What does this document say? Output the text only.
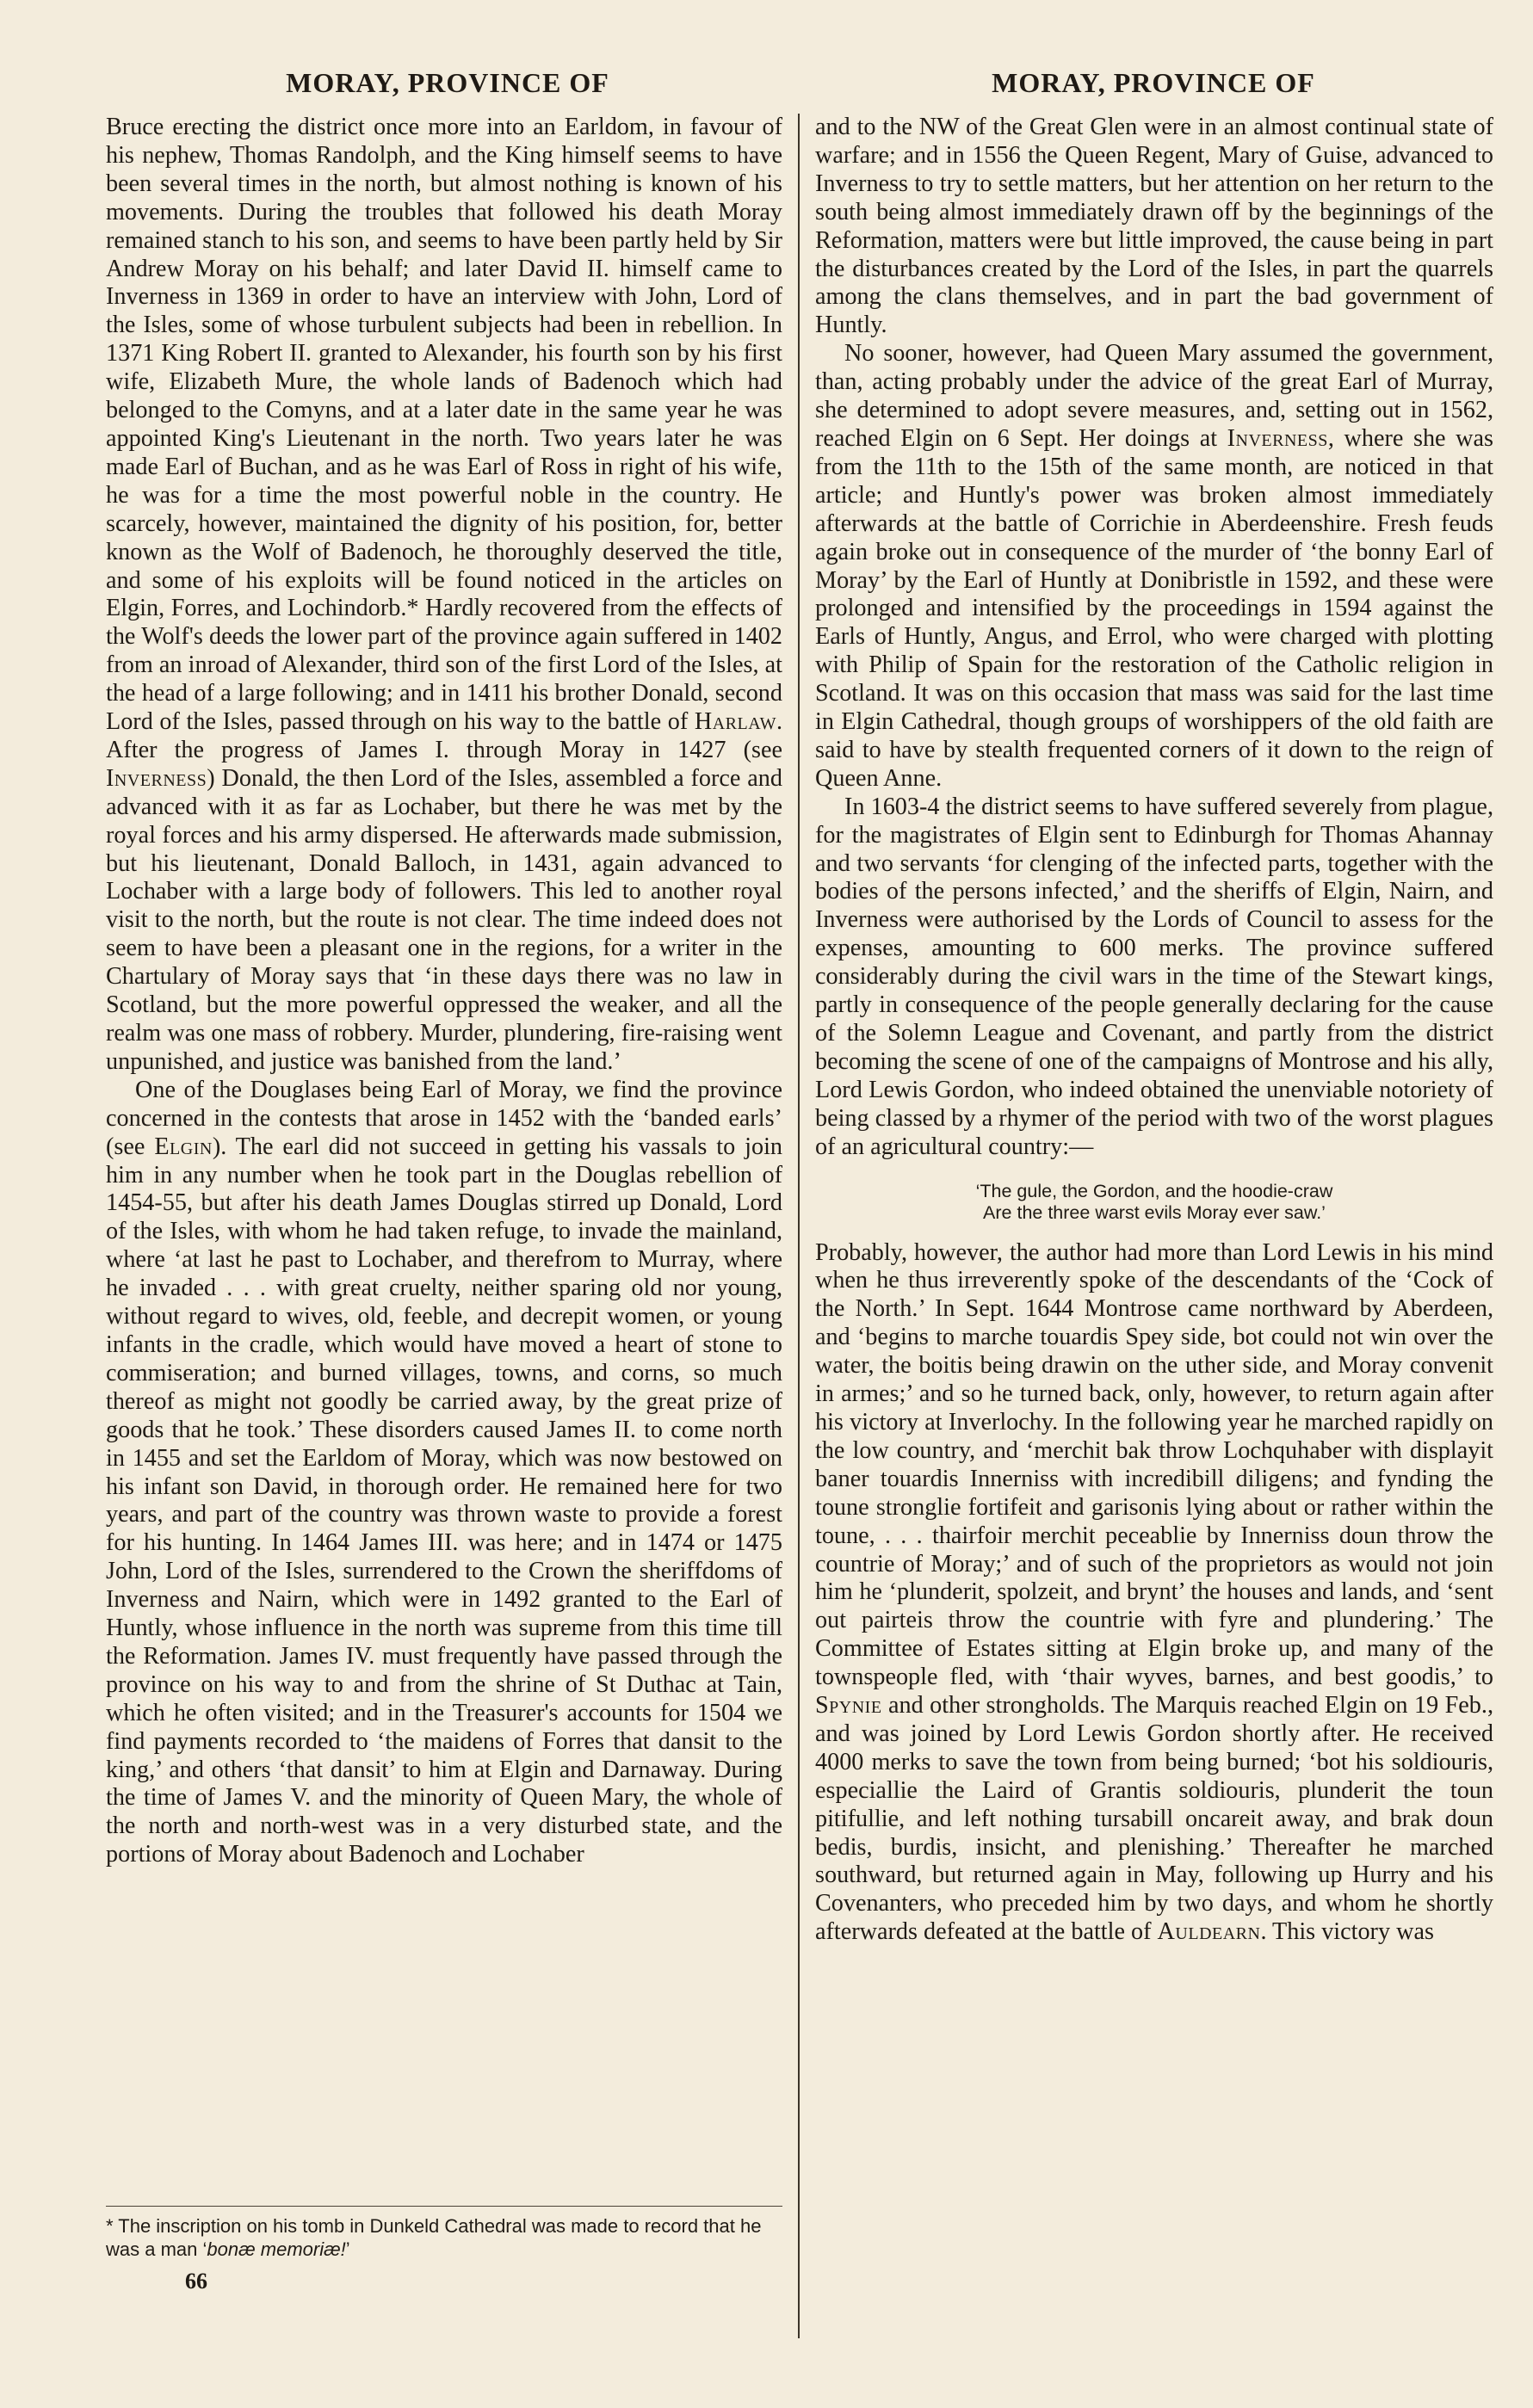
MORAY, PROVINCE OF	MORAY, PROVINCE OF

Bruce erecting the district once more into an Earldom, in favour of his nephew, Thomas Randolph, and the King himself seems to have been several times in the north, but almost nothing is known of his movements. During the troubles that followed his death Moray remained stanch to his son, and seems to have been partly held by Sir Andrew Moray on his behalf; and later David II. himself came to Inverness in 1369 in order to have an interview with John, Lord of the Isles, some of whose turbulent subjects had been in rebellion. In 1371 King Robert II. granted to Alexander, his fourth son by his first wife, Elizabeth Mure, the whole lands of Badenoch which had belonged to the Comyns, and at a later date in the same year he was appointed King's Lieutenant in the north. Two years later he was made Earl of Buchan, and as he was Earl of Ross in right of his wife, he was for a time the most powerful noble in the country. He scarcely, however, maintained the dignity of his position, for, better known as the Wolf of Badenoch, he thoroughly deserved the title, and some of his exploits will be found noticed in the articles on Elgin, Forres, and Lochindorb.* Hardly recovered from the effects of the Wolf's deeds the lower part of the province again suffered in 1402 from an inroad of Alexander, third son of the first Lord of the Isles, at the head of a large following; and in 1411 his brother Donald, second Lord of the Isles, passed through on his way to the battle of Harlaw. After the progress of James I. through Moray in 1427 (see Inverness) Donald, the then Lord of the Isles, assembled a force and advanced with it as far as Lochaber, but there he was met by the royal forces and his army dispersed. He afterwards made submission, but his lieutenant, Donald Balloch, in 1431, again advanced to Lochaber with a large body of followers. This led to another royal visit to the north, but the route is not clear. The time indeed does not seem to have been a pleasant one in the regions, for a writer in the Chartulary of Moray says that ‘in these days there was no law in Scotland, but the more powerful oppressed the weaker, and all the realm was one mass of robbery. Murder, plundering, fire-raising went unpunished, and justice was banished from the land.’

One of the Douglases being Earl of Moray, we find the province concerned in the contests that arose in 1452 with the ‘banded earls’ (see Elgin). The earl did not succeed in getting his vassals to join him in any number when he took part in the Douglas rebellion of 1454-55, but after his death James Douglas stirred up Donald, Lord of the Isles, with whom he had taken refuge, to invade the mainland, where ‘at last he past to Lochaber, and therefrom to Murray, where he invaded . . . with great cruelty, neither sparing old nor young, without regard to wives, old, feeble, and decrepit women, or young infants in the cradle, which would have moved a heart of stone to commiseration; and burned villages, towns, and corns, so much thereof as might not goodly be carried away, by the great prize of goods that he took.’ These disorders caused James II. to come north in 1455 and set the Earldom of Moray, which was now bestowed on his infant son David, in thorough order. He remained here for two years, and part of the country was thrown waste to provide a forest for his hunting. In 1464 James III. was here; and in 1474 or 1475 John, Lord of the Isles, surrendered to the Crown the sheriffdoms of Inverness and Nairn, which were in 1492 granted to the Earl of Huntly, whose influence in the north was supreme from this time till the Reformation. James IV. must frequently have passed through the province on his way to and from the shrine of St Duthac at Tain, which he often visited; and in the Treasurer's accounts for 1504 we find payments recorded to ‘the maidens of Forres that dansit to the king,’ and others ‘that dansit’ to him at Elgin and Darnaway. During the time of James V. and the minority of Queen Mary, the whole of the north and north-west was in a very disturbed state, and the portions of Moray about Badenoch and Lochaber

* The inscription on his tomb in Dunkeld Cathedral was made to record that he was a man ‘bonæ memoriæ!’
66

and to the NW of the Great Glen were in an almost continual state of warfare; and in 1556 the Queen Regent, Mary of Guise, advanced to Inverness to try to settle matters, but her attention on her return to the south being almost immediately drawn off by the beginnings of the Reformation, matters were but little improved, the cause being in part the disturbances created by the Lord of the Isles, in part the quarrels among the clans themselves, and in part the bad government of Huntly.

No sooner, however, had Queen Mary assumed the government, than, acting probably under the advice of the great Earl of Murray, she determined to adopt severe measures, and, setting out in 1562, reached Elgin on 6 Sept. Her doings at Inverness, where she was from the 11th to the 15th of the same month, are noticed in that article; and Huntly's power was broken almost immediately afterwards at the battle of Corrichie in Aberdeenshire. Fresh feuds again broke out in consequence of the murder of ‘the bonny Earl of Moray’ by the Earl of Huntly at Donibristle in 1592, and these were prolonged and intensified by the proceedings in 1594 against the Earls of Huntly, Angus, and Errol, who were charged with plotting with Philip of Spain for the restoration of the Catholic religion in Scotland. It was on this occasion that mass was said for the last time in Elgin Cathedral, though groups of worshippers of the old faith are said to have by stealth frequented corners of it down to the reign of Queen Anne.

In 1603-4 the district seems to have suffered severely from plague, for the magistrates of Elgin sent to Edinburgh for Thomas Ahannay and two servants ‘for clenging of the infected parts, together with the bodies of the persons infected,’ and the sheriffs of Elgin, Nairn, and Inverness were authorised by the Lords of Council to assess for the expenses, amounting to 600 merks. The province suffered considerably during the civil wars in the time of the Stewart kings, partly in consequence of the people generally declaring for the cause of the Solemn League and Covenant, and partly from the district becoming the scene of one of the campaigns of Montrose and his ally, Lord Lewis Gordon, who indeed obtained the unenviable notoriety of being classed by a rhymer of the period with two of the worst plagues of an agricultural country:—

‘The gule, the Gordon, and the hoodie-craw
Are the three warst evils Moray ever saw.’

Probably, however, the author had more than Lord Lewis in his mind when he thus irreverently spoke of the descendants of the ‘Cock of the North.’ In Sept. 1644 Montrose came northward by Aberdeen, and ‘begins to marche touardis Spey side, bot could not win over the water, the boitis being drawin on the uther side, and Moray convenit in armes;’ and so he turned back, only, however, to return again after his victory at Inverlochy. In the following year he marched rapidly on the low country, and ‘merchit bak throw Lochquhaber with displayit baner touardis Innerniss with incredibill diligens; and fynding the toune stronglie fortifeit and garisonis lying about or rather within the toune, . . . thairfoir merchit peceablie by Innerniss doun throw the countrie of Moray;’ and of such of the proprietors as would not join him he ‘plunderit, spolzeit, and brynt’ the houses and lands, and ‘sent out pairteis throw the countrie with fyre and plundering.’ The Committee of Estates sitting at Elgin broke up, and many of the townspeople fled, with ‘thair wyves, barnes, and best goodis,’ to Spynie and other strongholds. The Marquis reached Elgin on 19 Feb., and was joined by Lord Lewis Gordon shortly after. He received 4000 merks to save the town from being burned; ‘bot his soldiouris, especiallie the Laird of Grantis soldiouris, plunderit the toun pitifullie, and left nothing tursabill oncareit away, and brak doun bedis, burdis, insicht, and plenishing.’ Thereafter he marched southward, but returned again in May, following up Hurry and his Covenanters, who preceded him by two days, and whom he shortly afterwards defeated at the battle of Auldearn. This victory was
